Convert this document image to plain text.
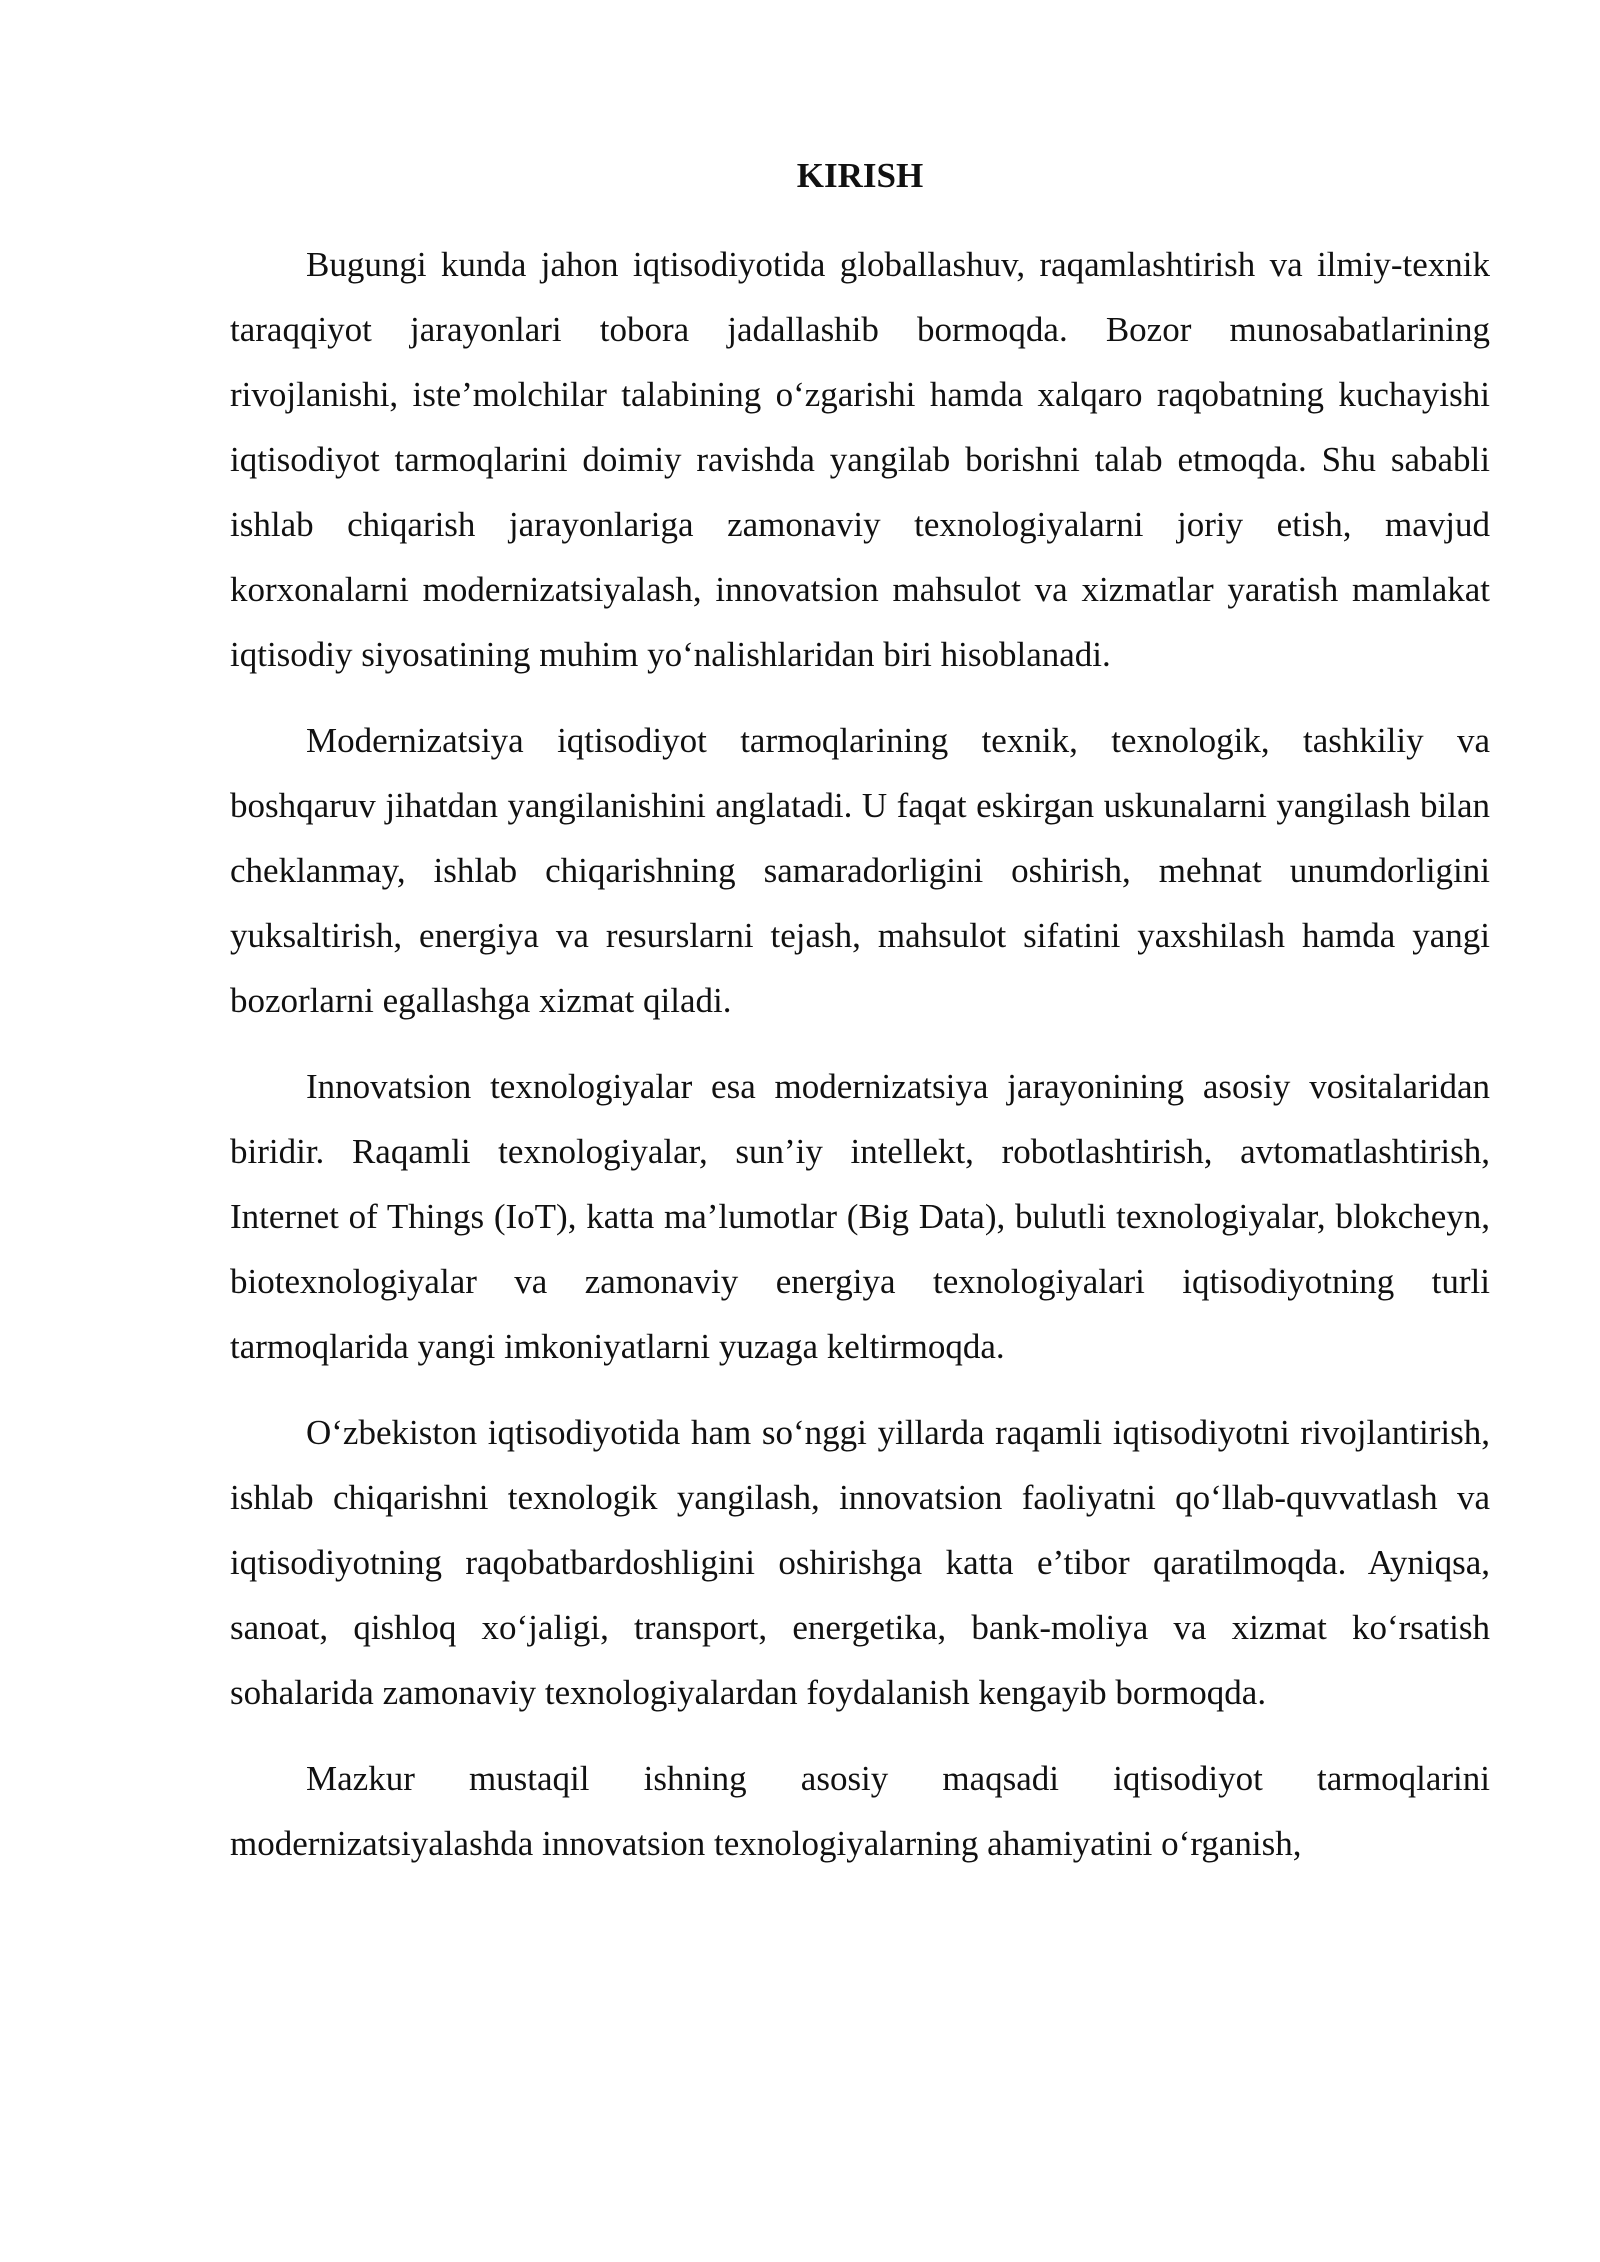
KIRISH

Bugungi kunda jahon iqtisodiyotida globallashuv, raqamlashtirish va ilmiy-texnik taraqqiyot jarayonlari tobora jadallashib bormoqda. Bozor munosabatlarining rivojlanishi, iste’molchilar talabining o‘zgarishi hamda xalqaro raqobatning kuchayishi iqtisodiyot tarmoqlarini doimiy ravishda yangilab borishni talab etmoqda. Shu sababli ishlab chiqarish jarayonlariga zamonaviy texnologiyalarni joriy etish, mavjud korxonalarni modernizatsiyalash, innovatsion mahsulot va xizmatlar yaratish mamlakat iqtisodiy siyosatining muhim yo‘nalishlaridan biri hisoblanadi.

Modernizatsiya iqtisodiyot tarmoqlarining texnik, texnologik, tashkiliy va boshqaruv jihatdan yangilanishini anglatadi. U faqat eskirgan uskunalarni yangilash bilan cheklanmay, ishlab chiqarishning samaradorligini oshirish, mehnat unumdorligini yuksaltirish, energiya va resurslarni tejash, mahsulot sifatini yaxshilash hamda yangi bozorlarni egallashga xizmat qiladi.

Innovatsion texnologiyalar esa modernizatsiya jarayonining asosiy vositalaridan biridir. Raqamli texnologiyalar, sun’iy intellekt, robotlashtirish, avtomatlashtirish, Internet of Things (IoT), katta ma’lumotlar (Big Data), bulutli texnologiyalar, blokcheyn, biotexnologiyalar va zamonaviy energiya texnologiyalari iqtisodiyotning turli tarmoqlarida yangi imkoniyatlarni yuzaga keltirmoqda.

O‘zbekiston iqtisodiyotida ham so‘nggi yillarda raqamli iqtisodiyotni rivojlantirish, ishlab chiqarishni texnologik yangilash, innovatsion faoliyatni qo‘llab-quvvatlash va iqtisodiyotning raqobatbardoshligini oshirishga katta e’tibor qaratilmoqda. Ayniqsa, sanoat, qishloq xo‘jaligi, transport, energetika, bank-moliya va xizmat ko‘rsatish sohalarida zamonaviy texnologiyalardan foydalanish kengayib bormoqda.

Mazkur mustaqil ishning asosiy maqsadi iqtisodiyot tarmoqlarini modernizatsiyalashda innovatsion texnologiyalarning ahamiyatini o‘rganish,
